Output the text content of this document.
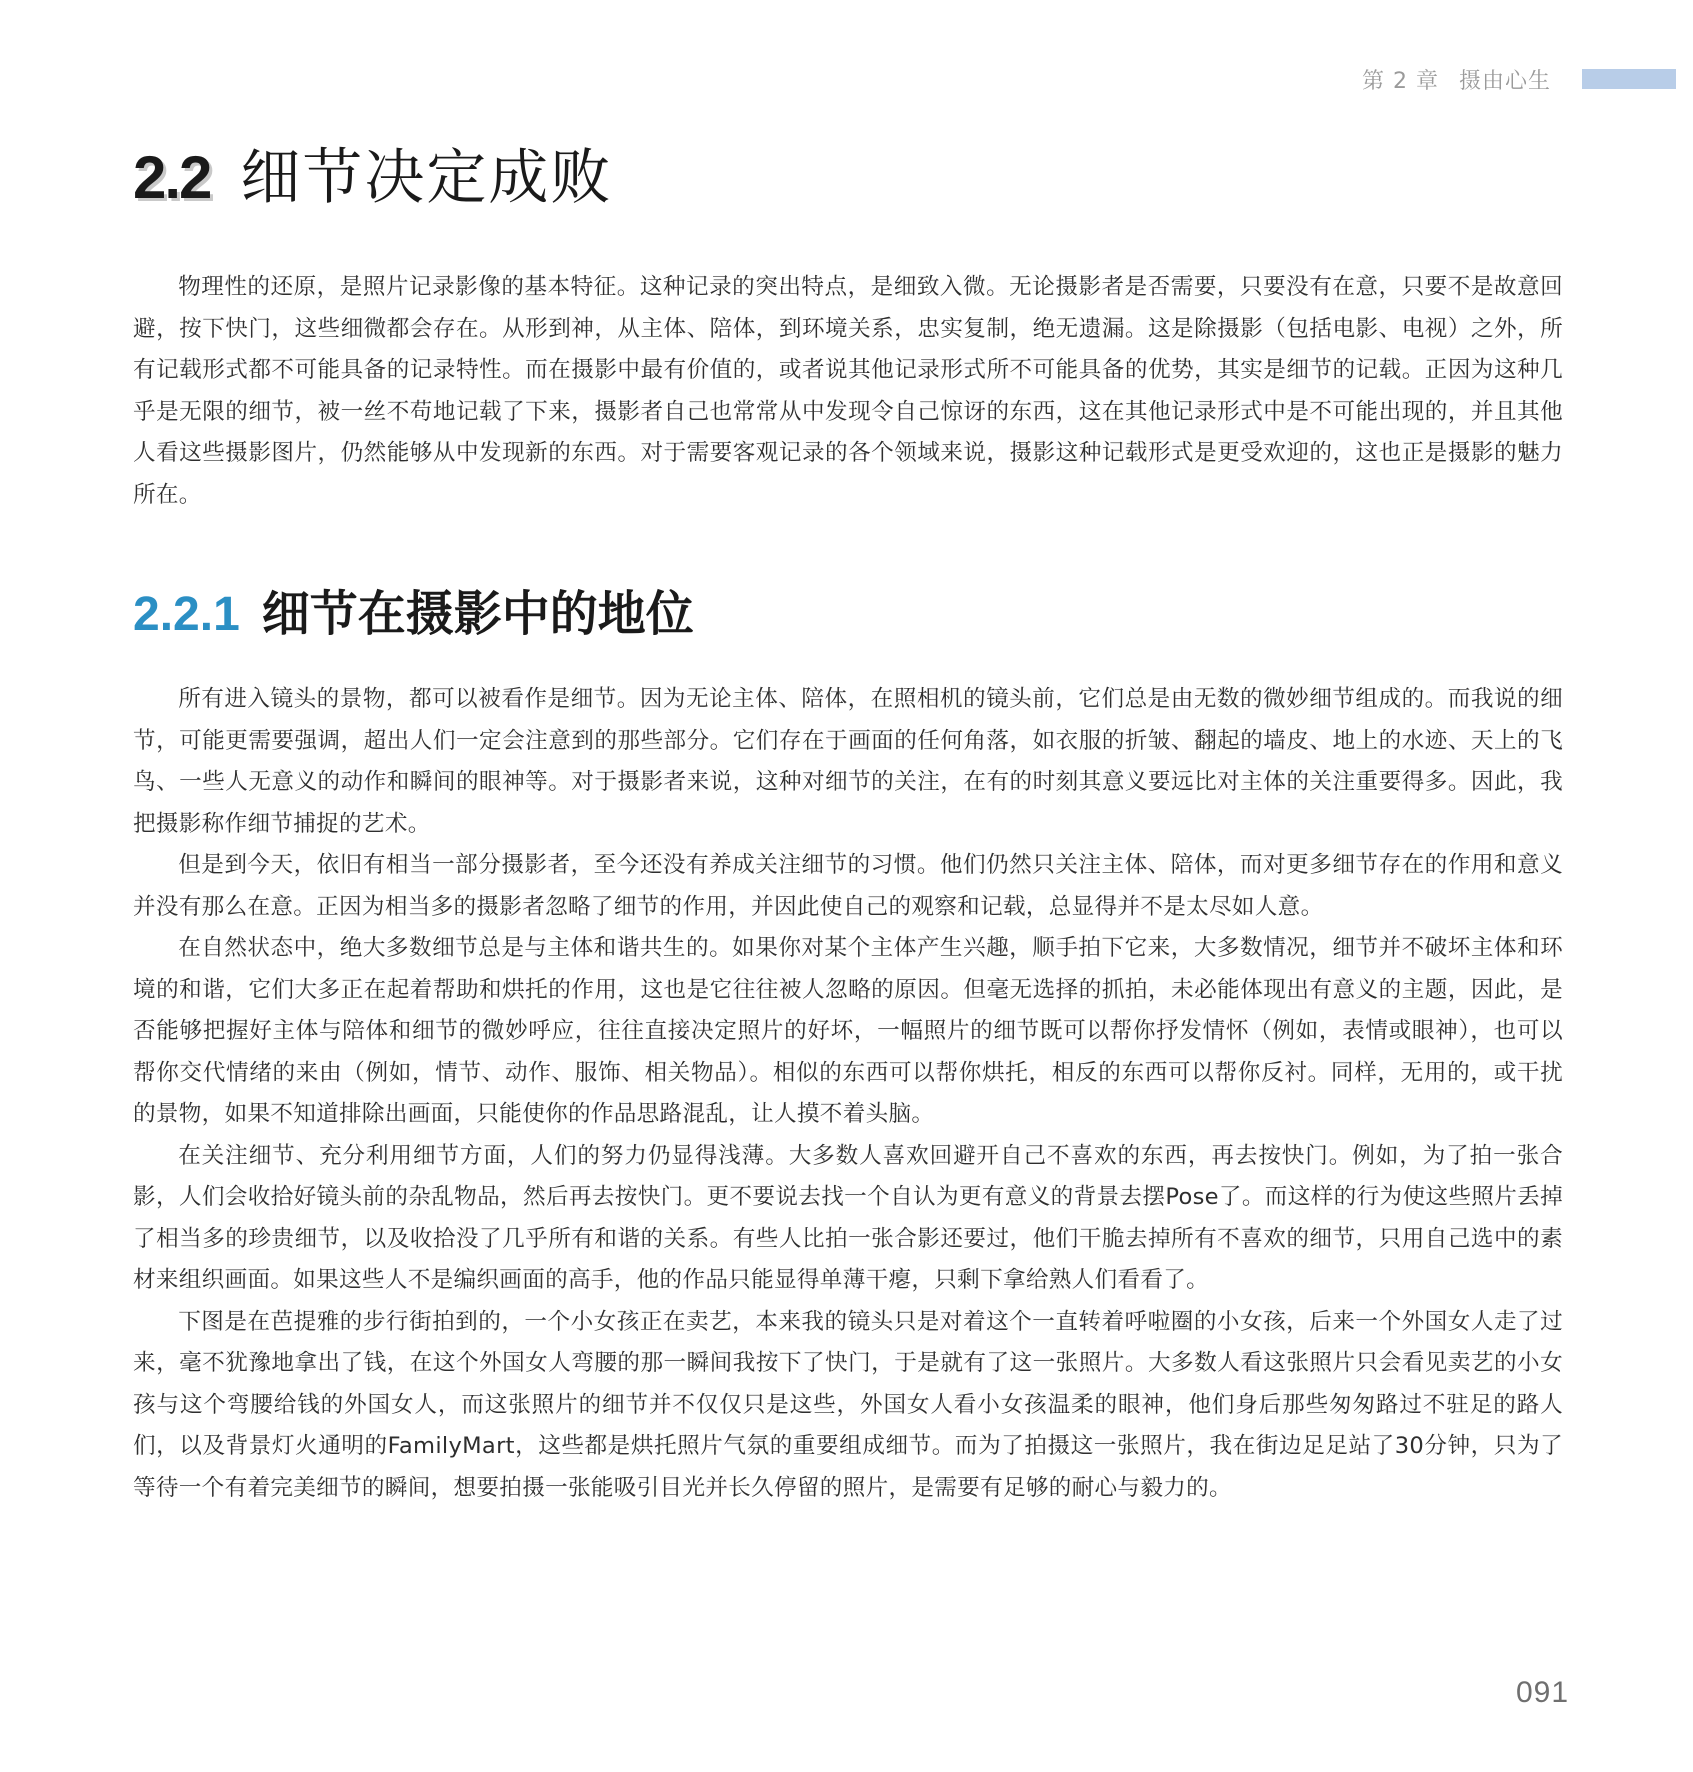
第 2 章 摄由心生
2.2 细节决定成败

物理性的还原，是照片记录影像的基本特征。这种记录的突出特点，是细致入微。无论摄影者是否需要，只要没有在意，只要不是故意回避，按下快门，这些细微都会存在。从形到神，从主体、陪体，到环境关系，忠实复制，绝无遗漏。这是除摄影（包括电影、电视）之外，所有记载形式都不可能具备的记录特性。而在摄影中最有价值的，或者说其他记录形式所不可能具备的优势，其实是细节的记载。正因为这种几乎是无限的细节，被一丝不苟地记载了下来，摄影者自己也常常从中发现令自己惊讶的东西，这在其他记录形式中是不可能出现的，并且其他人看这些摄影图片，仍然能够从中发现新的东西。对于需要客观记录的各个领域来说，摄影这种记载形式是更受欢迎的，这也正是摄影的魅力所在。

2.2.1 细节在摄影中的地位

所有进入镜头的景物，都可以被看作是细节。因为无论主体、陪体，在照相机的镜头前，它们总是由无数的微妙细节组成的。而我说的细节，可能更需要强调，超出人们一定会注意到的那些部分。它们存在于画面的任何角落，如衣服的折皱、翻起的墙皮、地上的水迹、天上的飞鸟、一些人无意义的动作和瞬间的眼神等。对于摄影者来说，这种对细节的关注，在有的时刻其意义要远比对主体的关注重要得多。因此，我把摄影称作细节捕捉的艺术。

但是到今天，依旧有相当一部分摄影者，至今还没有养成关注细节的习惯。他们仍然只关注主体、陪体，而对更多细节存在的作用和意义并没有那么在意。正因为相当多的摄影者忽略了细节的作用，并因此使自己的观察和记载，总显得并不是太尽如人意。

在自然状态中，绝大多数细节总是与主体和谐共生的。如果你对某个主体产生兴趣，顺手拍下它来，大多数情况，细节并不破坏主体和环境的和谐，它们大多正在起着帮助和烘托的作用，这也是它往往被人忽略的原因。但毫无选择的抓拍，未必能体现出有意义的主题，因此，是否能够把握好主体与陪体和细节的微妙呼应，往往直接决定照片的好坏，一幅照片的细节既可以帮你抒发情怀（例如，表情或眼神），也可以帮你交代情绪的来由（例如，情节、动作、服饰、相关物品）。相似的东西可以帮你烘托，相反的东西可以帮你反衬。同样，无用的，或干扰的景物，如果不知道排除出画面，只能使你的作品思路混乱，让人摸不着头脑。

在关注细节、充分利用细节方面，人们的努力仍显得浅薄。大多数人喜欢回避开自己不喜欢的东西，再去按快门。例如，为了拍一张合影，人们会收拾好镜头前的杂乱物品，然后再去按快门。更不要说去找一个自认为更有意义的背景去摆Pose了。而这样的行为使这些照片丢掉了相当多的珍贵细节，以及收拾没了几乎所有和谐的关系。有些人比拍一张合影还要过，他们干脆去掉所有不喜欢的细节，只用自己选中的素材来组织画面。如果这些人不是编织画面的高手，他的作品只能显得单薄干瘪，只剩下拿给熟人们看看了。

下图是在芭提雅的步行街拍到的，一个小女孩正在卖艺，本来我的镜头只是对着这个一直转着呼啦圈的小女孩，后来一个外国女人走了过来，毫不犹豫地拿出了钱，在这个外国女人弯腰的那一瞬间我按下了快门，于是就有了这一张照片。大多数人看这张照片只会看见卖艺的小女孩与这个弯腰给钱的外国女人，而这张照片的细节并不仅仅只是这些，外国女人看小女孩温柔的眼神，他们身后那些匆匆路过不驻足的路人们，以及背景灯火通明的FamilyMart，这些都是烘托照片气氛的重要组成细节。而为了拍摄这一张照片，我在街边足足站了30分钟，只为了等待一个有着完美细节的瞬间，想要拍摄一张能吸引目光并长久停留的照片，是需要有足够的耐心与毅力的。

091
